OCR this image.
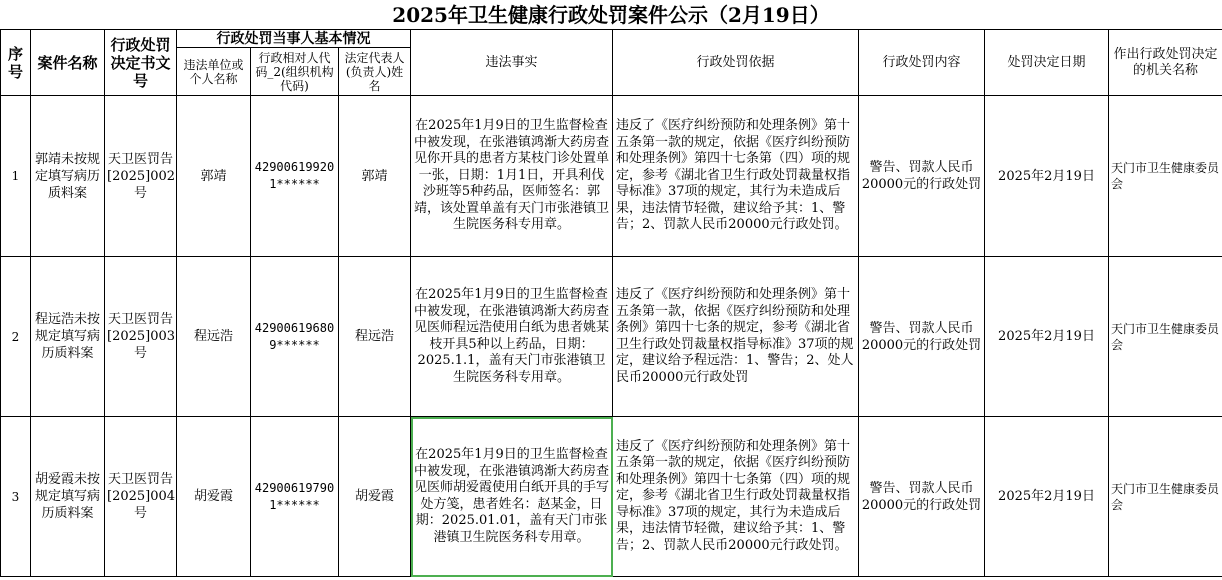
2025年卫生健康行政处罚案件公示（2月19日）
序号	案件名称	行政处罚决定书文号	行政处罚当事人基本情况			违法事实	行政处罚依据	行政处罚内容	处罚决定日期	作出行政处罚决定的机关名称
			违法单位或个人名称	行政相对人代码_2(组织机构代码)	法定代表人(负责人)姓名					
1	郭靖未按规定填写病历质料案	天卫医罚告[2025]002号	郭靖	429006199201******	郭靖	在2025年1月9日的卫生监督检查中被发现，在张港镇鸿渐大药房查见你开具的患者方某枝门诊处置单一张，日期：1月1日，开具利伐沙班等5种药品，医师签名：郭靖，该处置单盖有天门市张港镇卫生院医务科专用章。	违反了《医疗纠纷预防和处理条例》第十五条第一款的规定，依据《医疗纠纷预防和处理条例》第四十七条第（四）项的规定，参考《湖北省卫生行政处罚裁量权指导标准》37项的规定，其行为未造成后果，违法情节轻微，建议给予其：1、警告；2、罚款人民币20000元行政处罚。	警告、罚款人民币20000元的行政处罚	2025年2月19日	天门市卫生健康委员会
2	程远浩未按规定填写病历质料案	天卫医罚告[2025]003号	程远浩	429006196809******	程远浩	在2025年1月9日的卫生监督检查中被发现，在张港镇鸿渐大药房查见医师程远浩使用白纸为患者姚某枝开具5种以上药品，日期：2025.1.1，盖有天门市张港镇卫生院医务科专用章。	违反了《医疗纠纷预防和处理条例》第十五条第一款，依据《医疗纠纷预防和处理条例》第四十七条的规定，参考《湖北省卫生行政处罚裁量权指导标准》37项的规定，建议给予程远浩：1、警告；2、处人民币20000元行政处罚	警告、罚款人民币20000元的行政处罚	2025年2月19日	天门市卫生健康委员会
3	胡爱霞未按规定填写病历质料案	天卫医罚告[2025]004号	胡爱霞	429006197901******	胡爱霞	在2025年1月9日的卫生监督检查中被发现，在张港镇鸿渐大药房查见医师胡爱霞使用白纸开具的手写处方笺，患者姓名：赵某金，日期：2025.01.01，盖有天门市张港镇卫生院医务科专用章。	违反了《医疗纠纷预防和处理条例》第十五条第一款的规定，依据《医疗纠纷预防和处理条例》第四十七条第（四）项的规定，参考《湖北省卫生行政处罚裁量权指导标准》37项的规定，其行为未造成后果，违法情节轻微，建议给予其：1、警告；2、罚款人民币20000元行政处罚。	警告、罚款人民币20000元的行政处罚	2025年2月19日	天门市卫生健康委员会
